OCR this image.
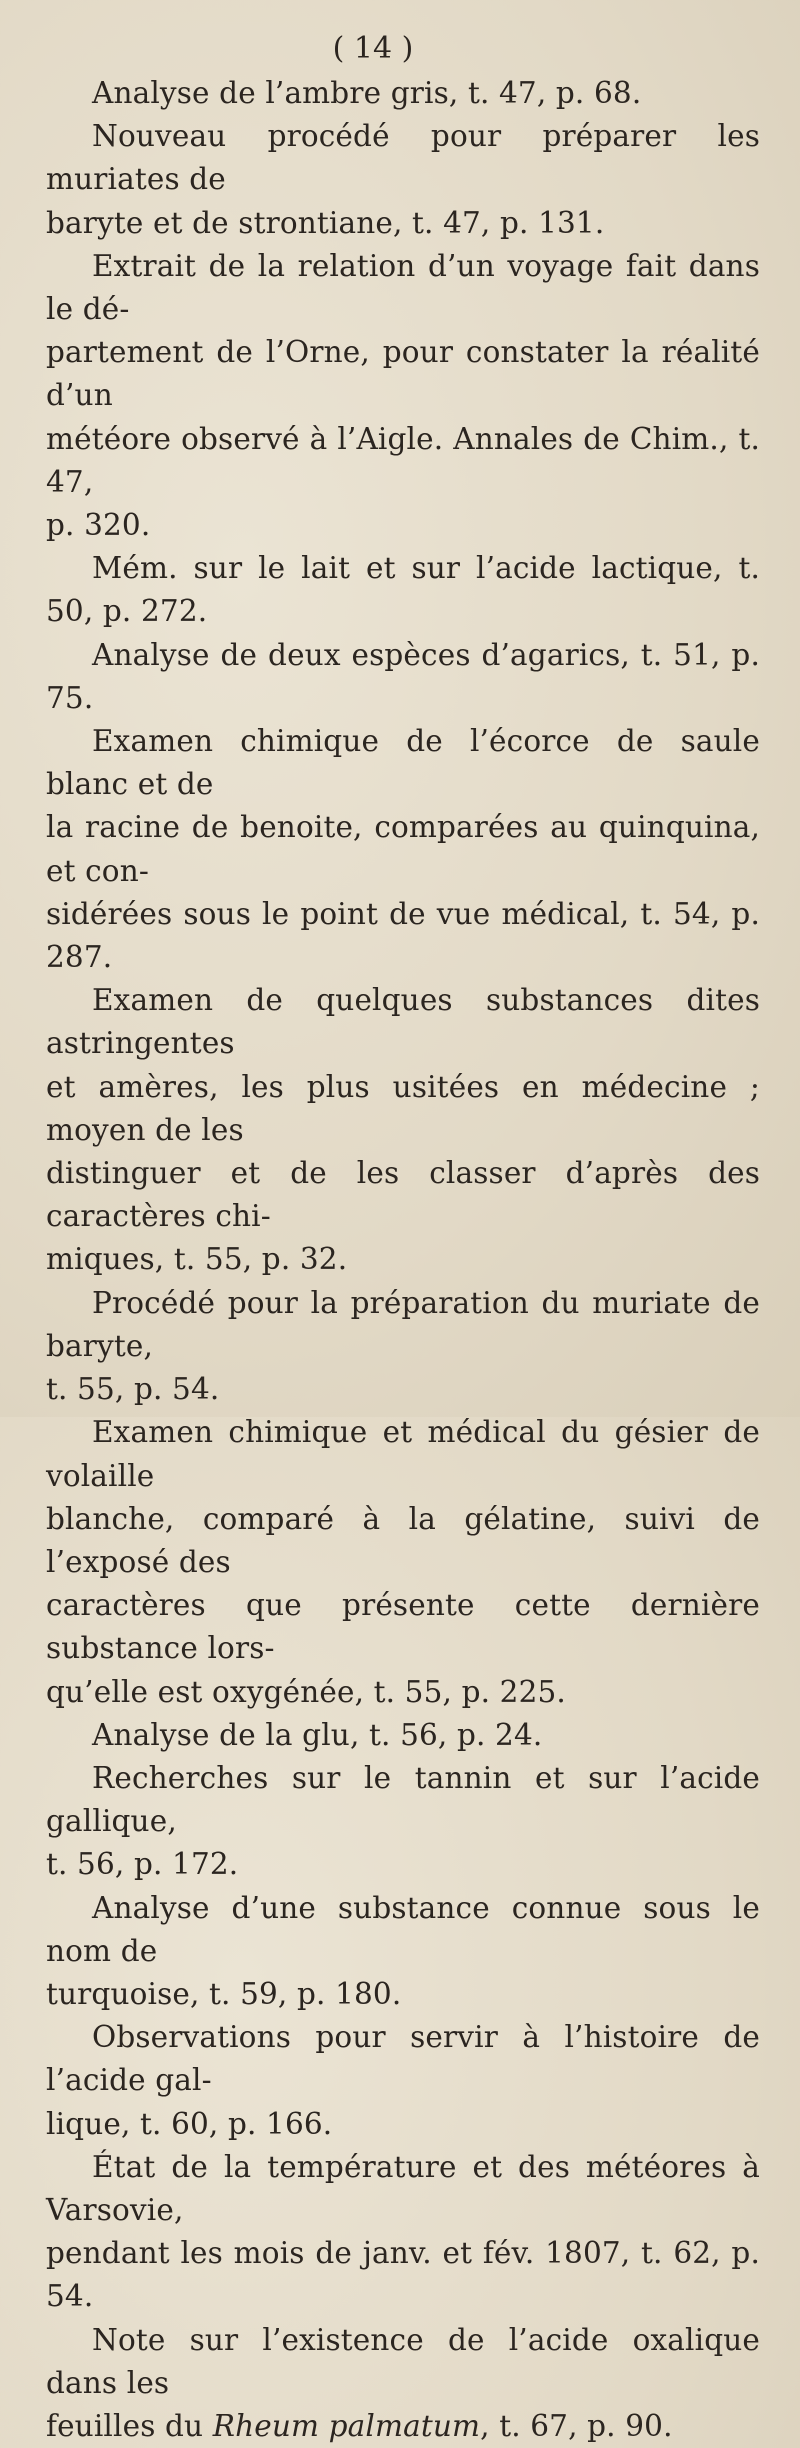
( 14 )

Analyse de l’ambre gris, t. 47, p. 68.

Nouveau procédé pour préparer les muriates de
baryte et de strontiane, t. 47, p. 131.

Extrait de la relation d’un voyage fait dans le dé-
partement de l’Orne, pour constater la réalité d’un
météore observé à l’Aigle. Annales de Chim., t. 47,
p. 320.

Mém. sur le lait et sur l’acide lactique, t. 50, p. 272.

Analyse de deux espèces d’agarics, t. 51, p. 75.

Examen chimique de l’écorce de saule blanc et de
la racine de benoite, comparées au quinquina, et con-
sidérées sous le point de vue médical, t. 54, p. 287.

Examen de quelques substances dites astringentes
et amères, les plus usitées en médecine ; moyen de les
distinguer et de les classer d’après des caractères chi-
miques, t. 55, p. 32.

Procédé pour la préparation du muriate de baryte,
t. 55, p. 54.

Examen chimique et médical du gésier de volaille
blanche, comparé à la gélatine, suivi de l’exposé des
caractères que présente cette dernière substance lors-
qu’elle est oxygénée, t. 55, p. 225.

Analyse de la glu, t. 56, p. 24.

Recherches sur le tannin et sur l’acide gallique,
t. 56, p. 172.

Analyse d’une substance connue sous le nom de
turquoise, t. 59, p. 180.

Observations pour servir à l’histoire de l’acide gal-
lique, t. 60, p. 166.

État de la température et des météores à Varsovie,
pendant les mois de janv. et fév. 1807, t. 62, p. 54.

Note sur l’existence de l’acide oxalique dans les
feuilles du Rheum palmatum, t. 67, p. 90.
